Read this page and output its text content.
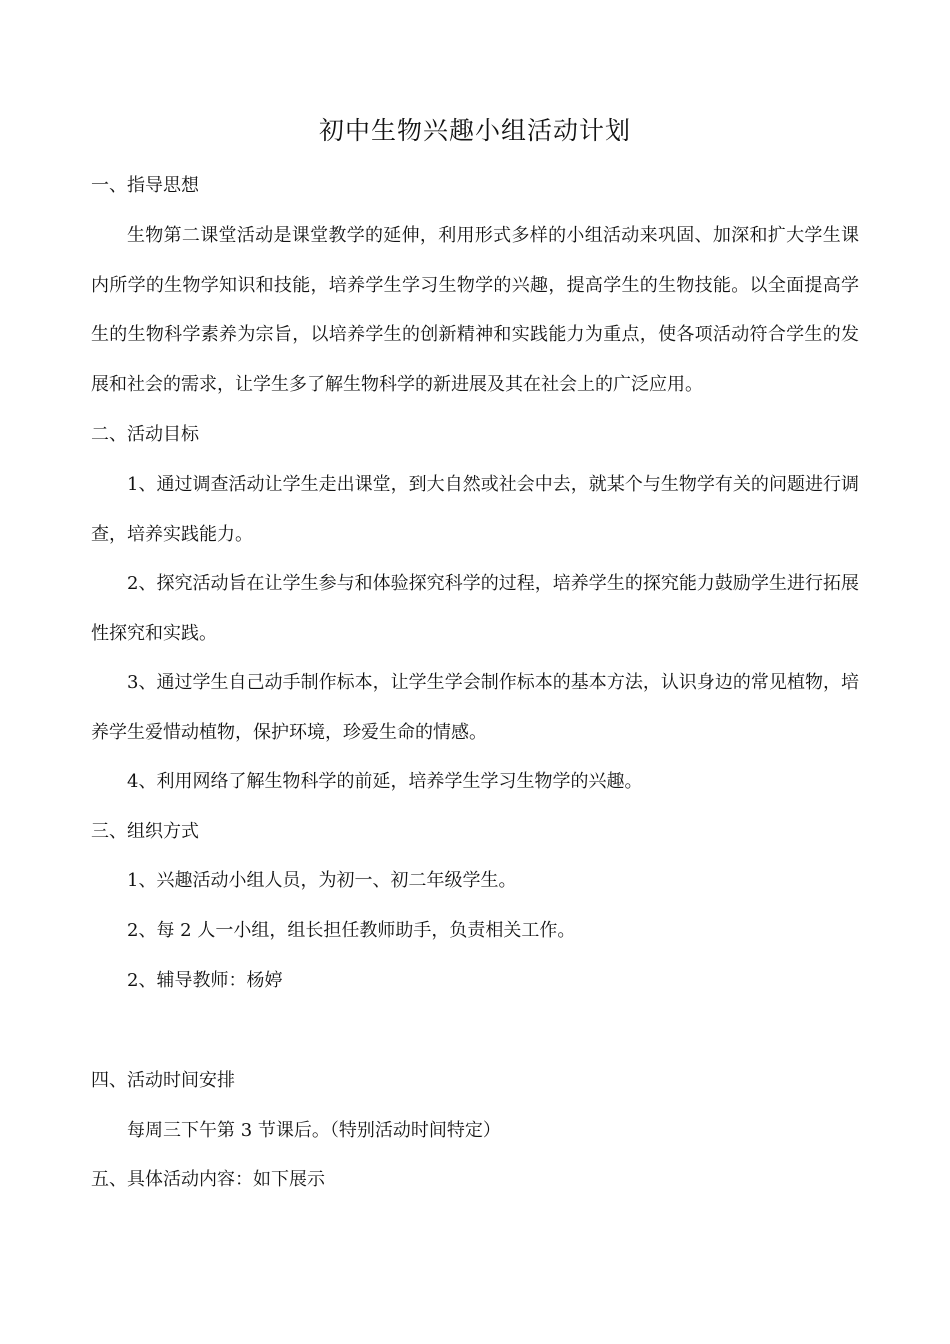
初中生物兴趣小组活动计划
一、指导思想

生物第二课堂活动是课堂教学的延伸，利用形式多样的小组活动来巩固、加深和扩大学生课内所学的生物学知识和技能，培养学生学习生物学的兴趣，提高学生的生物技能。以全面提高学生的生物科学素养为宗旨，以培养学生的创新精神和实践能力为重点，使各项活动符合学生的发展和社会的需求，让学生多了解生物科学的新进展及其在社会上的广泛应用。

二、活动目标

1、通过调查活动让学生走出课堂，到大自然或社会中去，就某个与生物学有关的问题进行调查，培养实践能力。

2、探究活动旨在让学生参与和体验探究科学的过程，培养学生的探究能力鼓励学生进行拓展性探究和实践。

3、通过学生自己动手制作标本，让学生学会制作标本的基本方法，认识身边的常见植物，培养学生爱惜动植物，保护环境，珍爱生命的情感。

4、利用网络了解生物科学的前延，培养学生学习生物学的兴趣。

三、组织方式
1、兴趣活动小组人员，为初一、初二年级学生。
2、每 2 人一小组，组长担任教师助手，负责相关工作。
2、辅导教师：杨婷
四、活动时间安排
每周三下午第 3 节课后。（特别活动时间特定）
五、具体活动内容：如下展示
